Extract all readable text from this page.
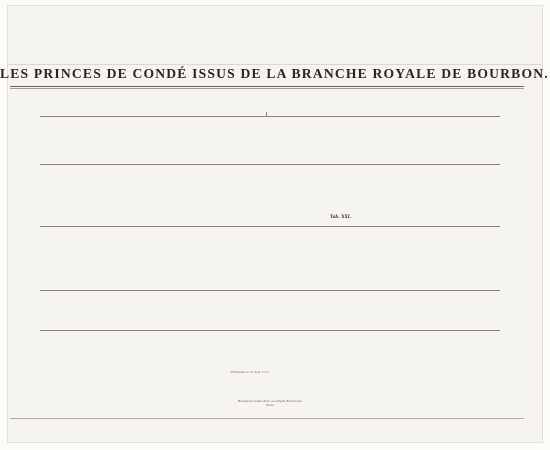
LES PRINCES DE CONDÉ ISSUS DE LA BRANCHE ROYALE DE BOURBON.
Tab. XXI.
D'Enghien le 10 Aout 1772.
Marquis de Condé, Bosc, ex scripsit, Boret sculp.
Gravé
